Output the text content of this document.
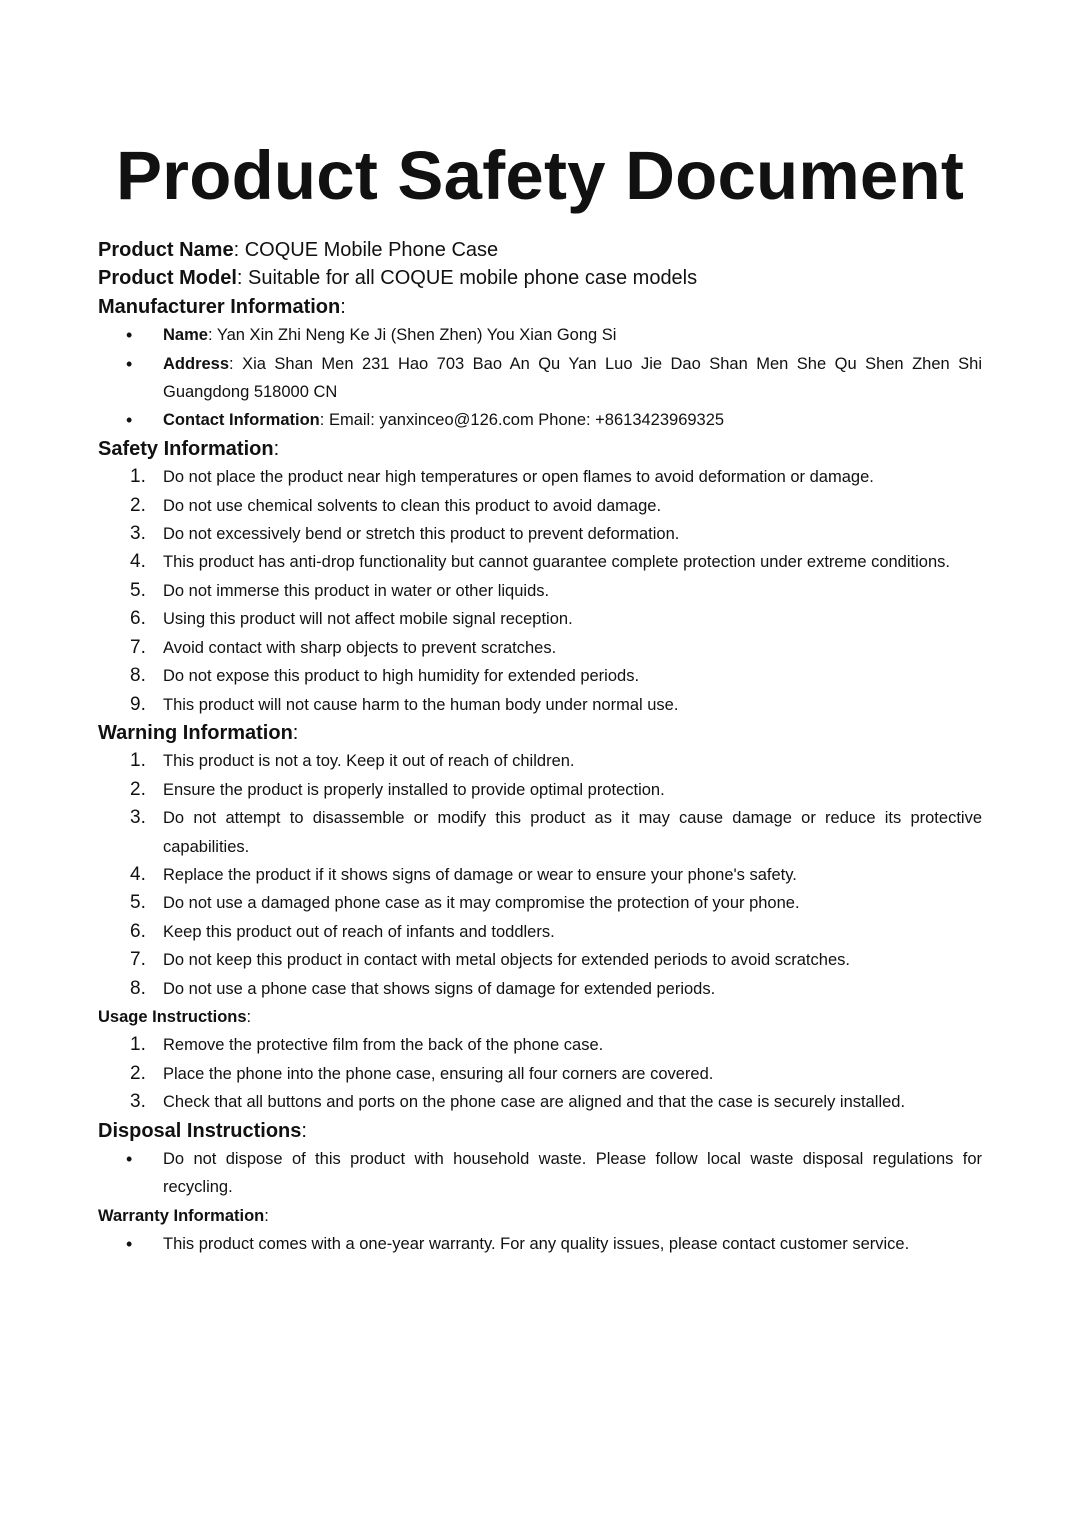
Product Safety Document
Product Name: COQUE Mobile Phone Case
Product Model: Suitable for all COQUE mobile phone case models
Manufacturer Information:
• Name: Yan Xin Zhi Neng Ke Ji (Shen Zhen) You Xian Gong Si
• Address: Xia Shan Men 231 Hao 703 Bao An Qu Yan Luo Jie Dao Shan Men She Qu Shen Zhen Shi Guangdong 518000 CN
• Contact Information: Email: yanxinceo@126.com Phone: +8613423969325
Safety Information:
1. Do not place the product near high temperatures or open flames to avoid deformation or damage.
2. Do not use chemical solvents to clean this product to avoid damage.
3. Do not excessively bend or stretch this product to prevent deformation.
4. This product has anti-drop functionality but cannot guarantee complete protection under extreme conditions.
5. Do not immerse this product in water or other liquids.
6. Using this product will not affect mobile signal reception.
7. Avoid contact with sharp objects to prevent scratches.
8. Do not expose this product to high humidity for extended periods.
9. This product will not cause harm to the human body under normal use.
Warning Information:
1. This product is not a toy. Keep it out of reach of children.
2. Ensure the product is properly installed to provide optimal protection.
3. Do not attempt to disassemble or modify this product as it may cause damage or reduce its protective capabilities.
4. Replace the product if it shows signs of damage or wear to ensure your phone's safety.
5. Do not use a damaged phone case as it may compromise the protection of your phone.
6. Keep this product out of reach of infants and toddlers.
7. Do not keep this product in contact with metal objects for extended periods to avoid scratches.
8. Do not use a phone case that shows signs of damage for extended periods.
Usage Instructions:
1. Remove the protective film from the back of the phone case.
2. Place the phone into the phone case, ensuring all four corners are covered.
3. Check that all buttons and ports on the phone case are aligned and that the case is securely installed.
Disposal Instructions:
• Do not dispose of this product with household waste. Please follow local waste disposal regulations for recycling.
Warranty Information:
• This product comes with a one-year warranty. For any quality issues, please contact customer service.
